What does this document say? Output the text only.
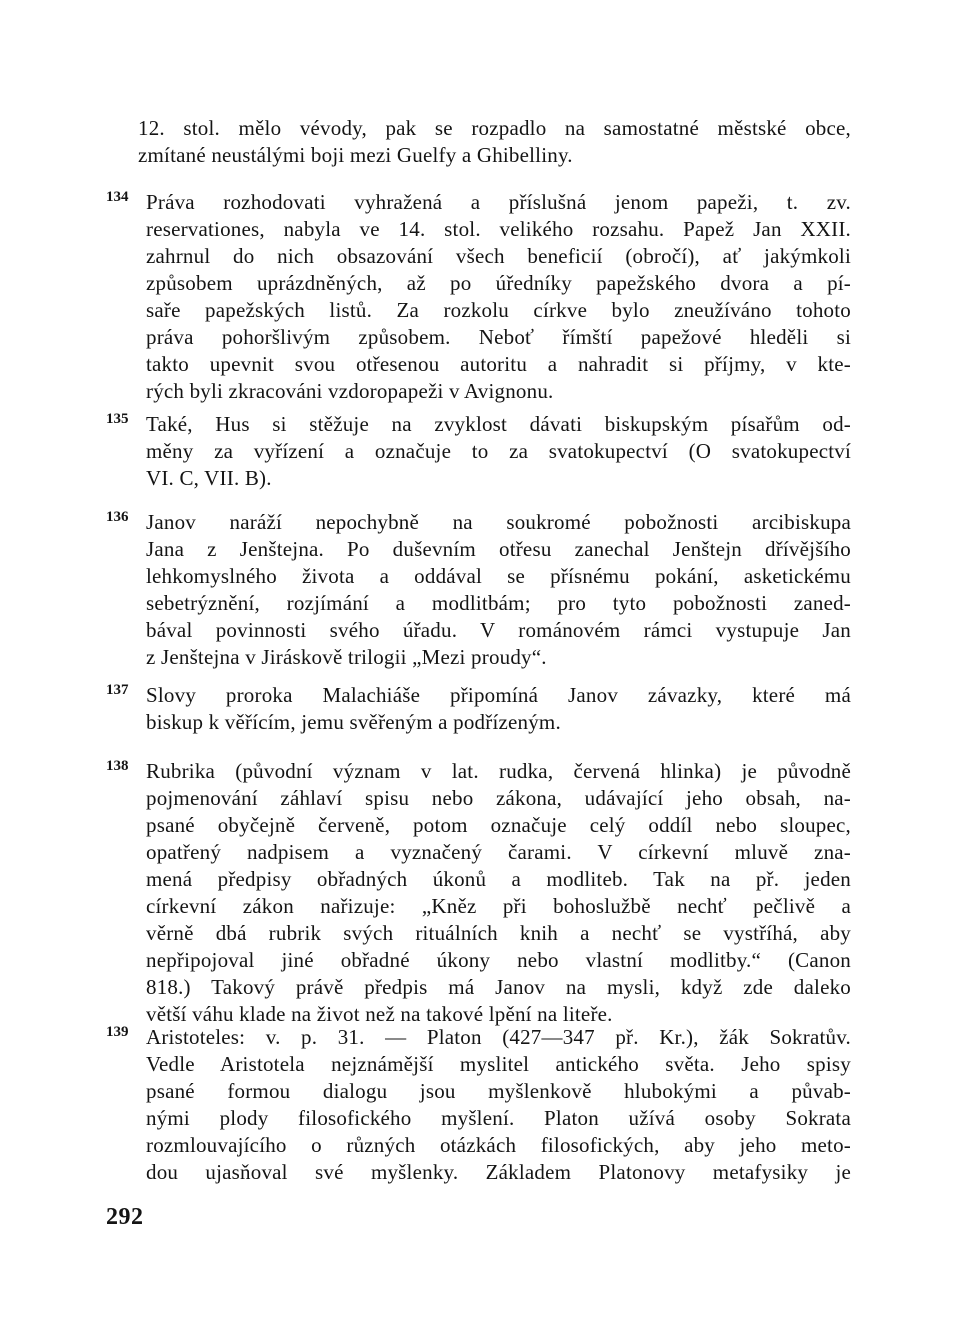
12. stol. mělo vévody, pak se rozpadlo na samostatné městské obce,
zmítané neustálými boji mezi Guelfy a Ghibelliny.
134 Práva rozhodovati vyhražená a příslušná jenom papeži, t. zv.
reservationes, nabyla ve 14. stol. velikého rozsahu. Papež Jan XXII.
zahrnul do nich obsazování všech beneficií (obročí), ať jakýmkoli
způsobem uprázdněných, až po úředníky papežského dvora a pí-
saře papežských listů. Za rozkolu církve bylo zneužíváno tohoto
práva pohoršlivým způsobem. Neboť římští papežové hleděli si
takto upevnit svou otřesenou autoritu a nahradit si příjmy, v kte-
rých byli zkracováni vzdoropapeži v Avignonu.
135 Také, Hus si stěžuje na zvyklost dávati biskupským písařům od-
měny za vyřízení a označuje to za svatokupectví (O svatokupectví
VI. C, VII. B).
136 Janov naráží nepochybně na soukromé pobožnosti arcibiskupa
Jana z Jenštejna. Po duševním otřesu zanechal Jenštejn dřívějšího
lehkomyslného života a oddával se přísnému pokání, asketickému
sebetrýznění, rozjímání a modlitbám; pro tyto pobožnosti zaned-
bával povinnosti svého úřadu. V románovém rámci vystupuje Jan
z Jenštejna v Jiráskově trilogii „Mezi proudy“.
137 Slovy proroka Malachiáše připomíná Janov závazky, které má
biskup k věřícím, jemu svěřeným a podřízeným.
138 Rubrika (původní význam v lat. rudka, červená hlinka) je původně
pojmenování záhlaví spisu nebo zákona, udávající jeho obsah, na-
psané obyčejně červeně, potom označuje celý oddíl nebo sloupec,
opatřený nadpisem a vyznačený čarami. V církevní mluvě zna-
mená předpisy obřadných úkonů a modliteb. Tak na př. jeden
církevní zákon nařizuje: „Kněz při bohoslužbě nechť pečlivě a
věrně dbá rubrik svých rituálních knih a nechť se vystříhá, aby
nepřipojoval jiné obřadné úkony nebo vlastní modlitby.“ (Canon
818.) Takový právě předpis má Janov na mysli, když zde daleko
větší váhu klade na život než na takové lpění na liteře.
139 Aristoteles: v. p. 31. — Platon (427—347 př. Kr.), žák Sokratův.
Vedle Aristotela nejznámější myslitel antického světa. Jeho spisy
psané formou dialogu jsou myšlenkově hlubokými a půvab-
nými plody filosofického myšlení. Platon užívá osoby Sokrata
rozmlouvajícího o různých otázkách filosofických, aby jeho meto-
dou ujasňoval své myšlenky. Základem Platonovy metafysiky je
292
